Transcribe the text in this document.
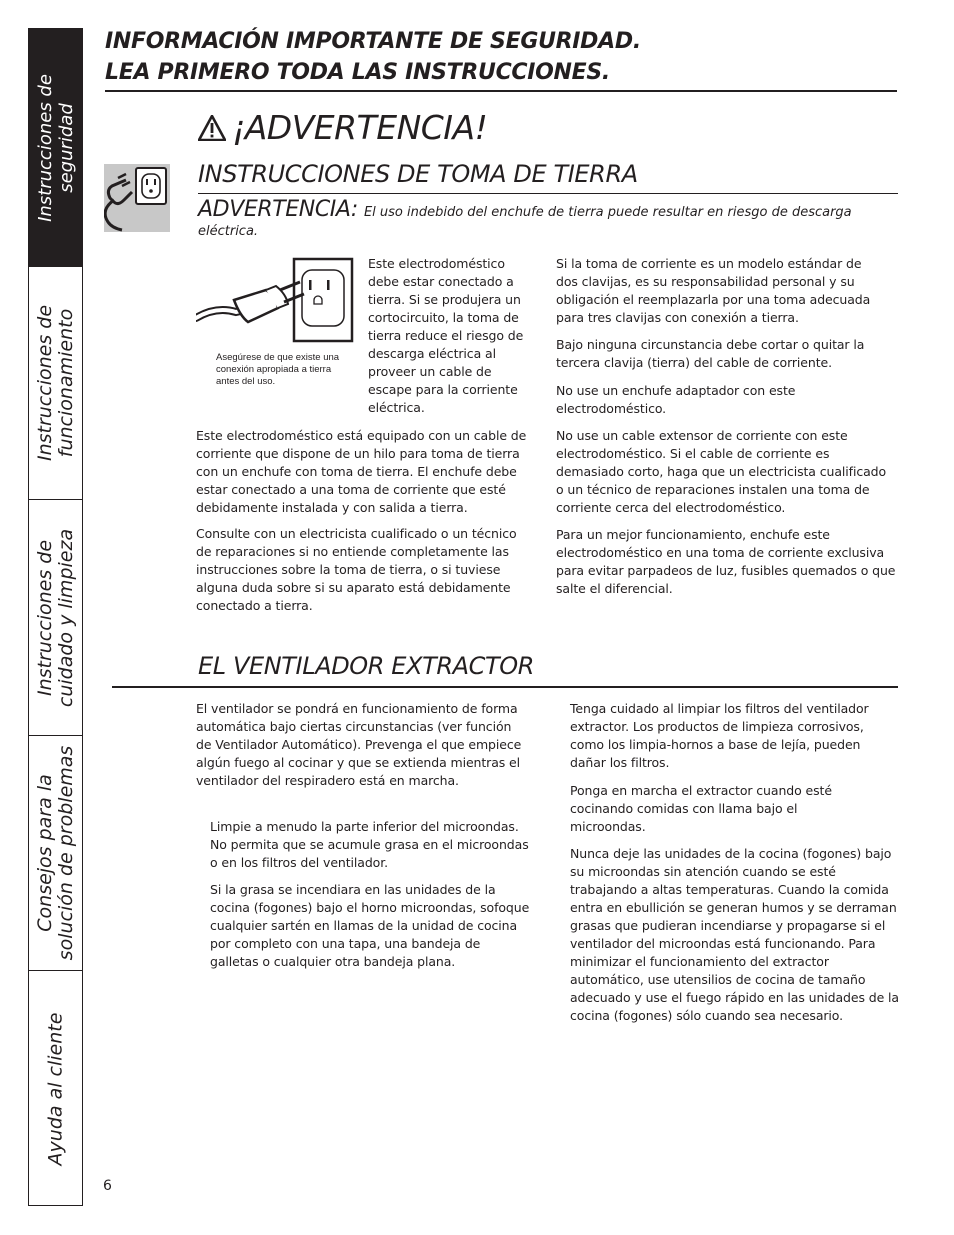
Instrucciones de seguridad
Instrucciones de funcionamiento
Instrucciones de cuidado y limpieza
Consejos para la solución de problemas
Ayuda al cliente
INFORMACIÓN IMPORTANTE DE SEGURIDAD.
LEA PRIMERO TODA LAS INSTRUCCIONES.
¡ADVERTENCIA!
INSTRUCCIONES DE TOMA DE TIERRA
ADVERTENCIA: El uso indebido del enchufe de tierra puede resultar en riesgo de descarga eléctrica.
Asegúrese de que existe una conexión apropiada a tierra antes del uso.

Este electrodoméstico debe estar conectado a tierra. Si se produjera un cortocircuito, la toma de tierra reduce el riesgo de descarga eléctrica al proveer un cable de escape para la corriente eléctrica.

Este electrodoméstico está equipado con un cable de corriente que dispone de un hilo para toma de tierra con un enchufe con toma de tierra. El enchufe debe estar conectado a una toma de corriente que esté debidamente instalada y con salida a tierra.

Consulte con un electricista cualificado o un técnico de reparaciones si no entiende completamente las instrucciones sobre la toma de tierra, o si tuviese alguna duda sobre si su aparato está debidamente conectado a tierra.

Si la toma de corriente es un modelo estándar de dos clavijas, es su responsabilidad personal y su obligación el reemplazarla por una toma adecuada para tres clavijas con conexión a tierra.

Bajo ninguna circunstancia debe cortar o quitar la tercera clavija (tierra) del cable de corriente.

No use un enchufe adaptador con este electrodoméstico.

No use un cable extensor de corriente con este electrodoméstico. Si el cable de corriente es demasiado corto, haga que un electricista cualificado o un técnico de reparaciones instalen una toma de corriente cerca del electrodoméstico.

Para un mejor funcionamiento, enchufe este electrodoméstico en una toma de corriente exclusiva para evitar parpadeos de luz, fusibles quemados o que salte el diferencial.

EL VENTILADOR EXTRACTOR

El ventilador se pondrá en funcionamiento de forma automática bajo ciertas circunstancias (ver función de Ventilador Automático). Prevenga el que empiece algún fuego al cocinar y que se extienda mientras el ventilador del respiradero está en marcha.

Limpie a menudo la parte inferior del microondas. No permita que se acumule grasa en el microondas o en los filtros del ventilador.

Si la grasa se incendiara en las unidades de la cocina (fogones) bajo el horno microondas, sofoque cualquier sartén en llamas de la unidad de cocina por completo con una tapa, una bandeja de galletas o cualquier otra bandeja plana.

Tenga cuidado al limpiar los filtros del ventilador extractor. Los productos de limpieza corrosivos, como los limpia-hornos a base de lejía, pueden dañar los filtros.

Ponga en marcha el extractor cuando esté cocinando comidas con llama bajo el microondas.

Nunca deje las unidades de la cocina (fogones) bajo su microondas sin atención cuando se esté trabajando a altas temperaturas. Cuando la comida entra en ebullición se generan humos y se derraman grasas que pudieran incendiarse y propagarse si el ventilador del microondas está funcionando. Para minimizar el funcionamiento del extractor automático, use utensilios de cocina de tamaño adecuado y use el fuego rápido en las unidades de la cocina (fogones) sólo cuando sea necesario.

6
